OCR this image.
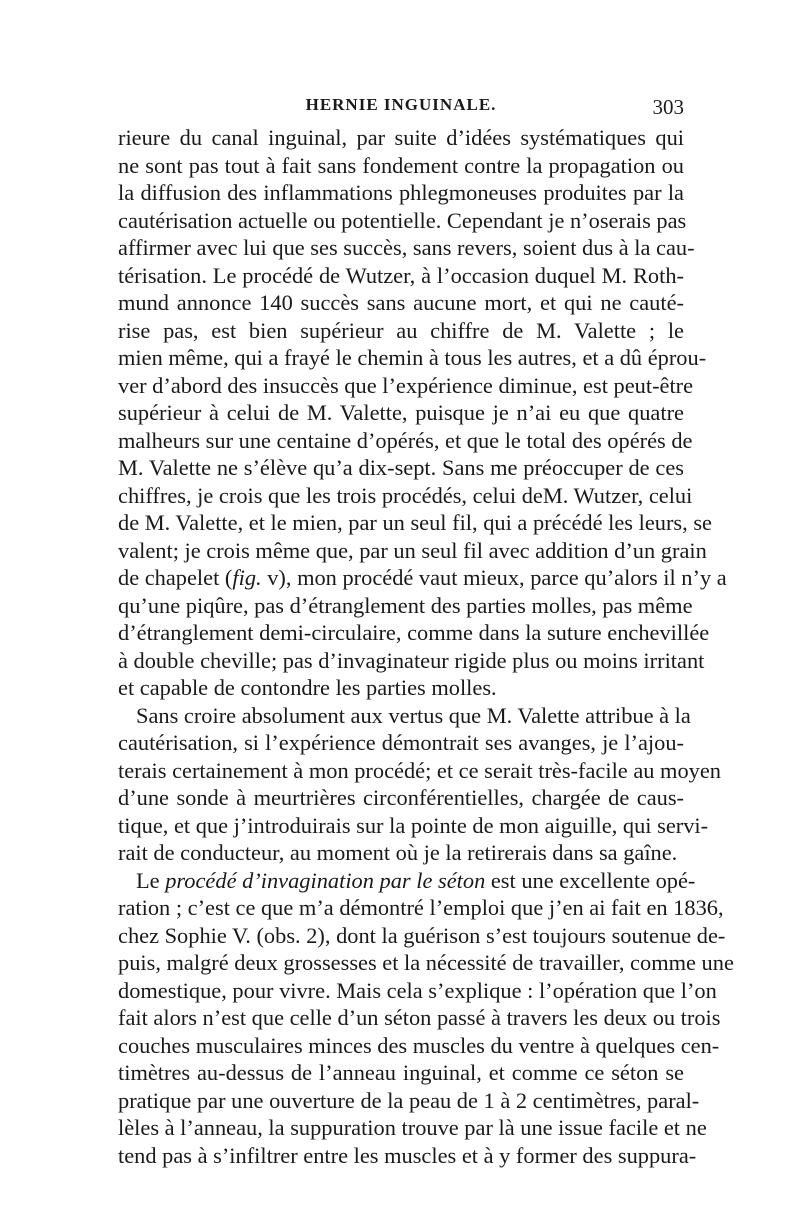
HERNIE INGUINALE.	303
rieure du canal inguinal, par suite d’idées systématiques qui
ne sont pas tout à fait sans fondement contre la propagation ou
la diffusion des inflammations phlegmoneuses produites par la
cautérisation actuelle ou potentielle. Cependant je n’oserais pas
affirmer avec lui que ses succès, sans revers, soient dus à la cau-
térisation. Le procédé de Wutzer, à l’occasion duquel M. Roth-
mund annonce 140 succès sans aucune mort, et qui ne cauté-
rise pas, est bien supérieur au chiffre de M. Valette ; le
mien même, qui a frayé le chemin à tous les autres, et a dû éprou-
ver d’abord des insuccès que l’expérience diminue, est peut-être
supérieur à celui de M. Valette, puisque je n’ai eu que quatre
malheurs sur une centaine d’opérés, et que le total des opérés de
M. Valette ne s’élève qu’a dix-sept. Sans me préoccuper de ces
chiffres, je crois que les trois procédés, celui deM. Wutzer, celui
de M. Valette, et le mien, par un seul fil, qui a précédé les leurs, se
valent; je crois même que, par un seul fil avec addition d’un grain
de chapelet (fig. v), mon procédé vaut mieux, parce qu’alors il n’y a
qu’une piqûre, pas d’étranglement des parties molles, pas même
d’étranglement demi-circulaire, comme dans la suture enchevillée
à double cheville; pas d’invaginateur rigide plus ou moins irritant
et capable de contondre les parties molles.
Sans croire absolument aux vertus que M. Valette attribue à la
cautérisation, si l’expérience démontrait ses avanges, je l’ajou-
terais certainement à mon procédé; et ce serait très-facile au moyen
d’une sonde à meurtrières circonférentielles, chargée de caus-
tique, et que j’introduirais sur la pointe de mon aiguille, qui servi-
rait de conducteur, au moment où je la retirerais dans sa gaîne.
Le procédé d’invagination par le séton est une excellente opé-
ration ; c’est ce que m’a démontré l’emploi que j’en ai fait en 1836,
chez Sophie V. (obs. 2), dont la guérison s’est toujours soutenue de-
puis, malgré deux grossesses et la nécessité de travailler, comme une
domestique, pour vivre. Mais cela s’explique : l’opération que l’on
fait alors n’est que celle d’un séton passé à travers les deux ou trois
couches musculaires minces des muscles du ventre à quelques cen-
timètres au-dessus de l’anneau inguinal, et comme ce séton se
pratique par une ouverture de la peau de 1 à 2 centimètres, paral-
lèles à l’anneau, la suppuration trouve par là une issue facile et ne
tend pas à s’infiltrer entre les muscles et à y former des suppura-
